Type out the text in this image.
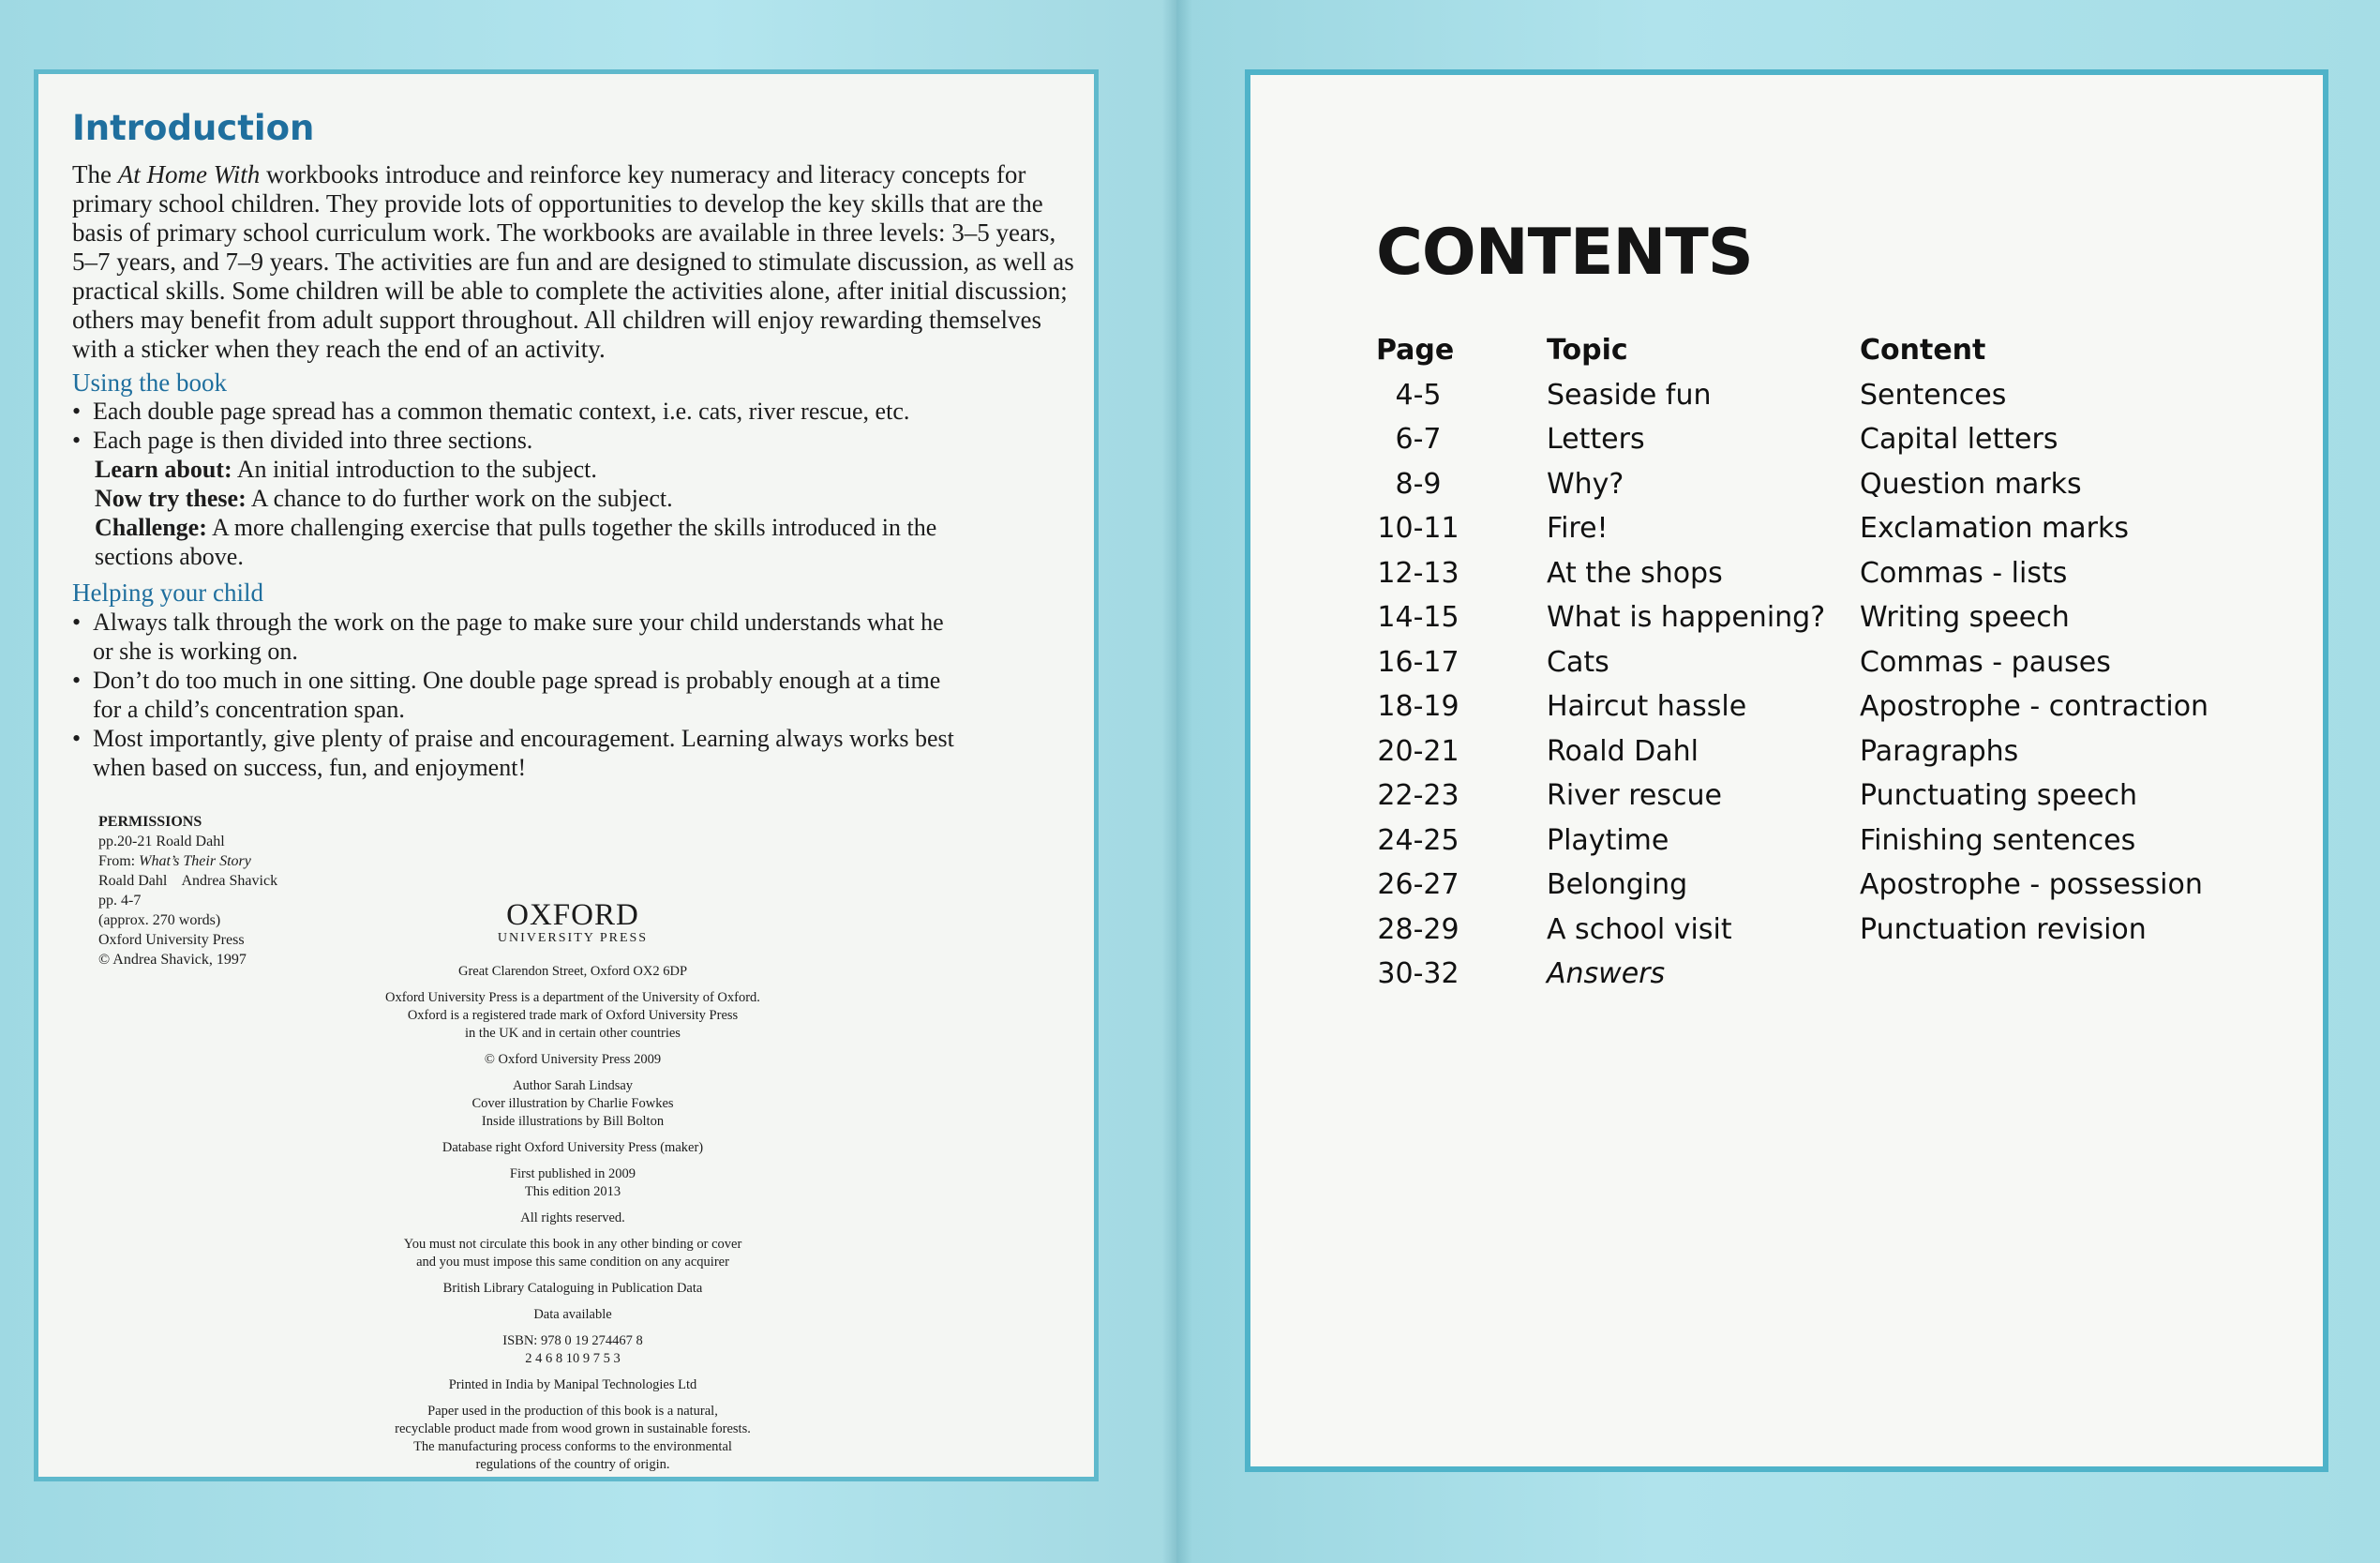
Introduction

The At Home With workbooks introduce and reinforce key numeracy and literacy concepts for primary school children. They provide lots of opportunities to develop the key skills that are the basis of primary school curriculum work. The workbooks are available in three levels: 3–5 years, 5–7 years, and 7–9 years. The activities are fun and are designed to stimulate discussion, as well as practical skills. Some children will be able to complete the activities alone, after initial discussion; others may benefit from adult support throughout. All children will enjoy rewarding themselves with a sticker when they reach the end of an activity.

Using the book
• Each double page spread has a common thematic context, i.e. cats, river rescue, etc.
• Each page is then divided into three sections.
Learn about: An initial introduction to the subject.
Now try these: A chance to do further work on the subject.
Challenge: A more challenging exercise that pulls together the skills introduced in the sections above.
Helping your child
• Always talk through the work on the page to make sure your child understands what he or she is working on.
• Don’t do too much in one sitting. One double page spread is probably enough at a time for a child’s concentration span.
• Most importantly, give plenty of praise and encouragement. Learning always works best when based on success, fun, and enjoyment!
PERMISSIONS
pp.20-21 Roald Dahl
From: What’s Their Story
Roald Dahl    Andrea Shavick
pp. 4-7
(approx. 270 words)
Oxford University Press
© Andrea Shavick, 1997
OXFORD
UNIVERSITY PRESS
Great Clarendon Street, Oxford OX2 6DP
Oxford University Press is a department of the University of Oxford.
Oxford is a registered trade mark of Oxford University Press
in the UK and in certain other countries
© Oxford University Press 2009
Author Sarah Lindsay
Cover illustration by Charlie Fowkes
Inside illustrations by Bill Bolton
Database right Oxford University Press (maker)
First published in 2009
This edition 2013
All rights reserved.
You must not circulate this book in any other binding or cover
and you must impose this same condition on any acquirer
British Library Cataloguing in Publication Data
Data available
ISBN: 978 0 19 274467 8
2 4 6 8 10 9 7 5 3
Printed in India by Manipal Technologies Ltd
Paper used in the production of this book is a natural,
recyclable product made from wood grown in sustainable forests.
The manufacturing process conforms to the environmental
regulations of the country of origin.
CONTENTS
Page	Topic	Content
4-5	Seaside fun	Sentences
6-7	Letters	Capital letters
8-9	Why?	Question marks
10-11	Fire!	Exclamation marks
12-13	At the shops	Commas - lists
14-15	What is happening? Writing speech
16-17	Cats	Commas - pauses
18-19	Haircut hassle	Apostrophe - contraction
20-21	Roald Dahl	Paragraphs
22-23	River rescue	Punctuating speech
24-25	Playtime	Finishing sentences
26-27	Belonging	Apostrophe - possession
28-29	A school visit	Punctuation revision
30-32	Answers
